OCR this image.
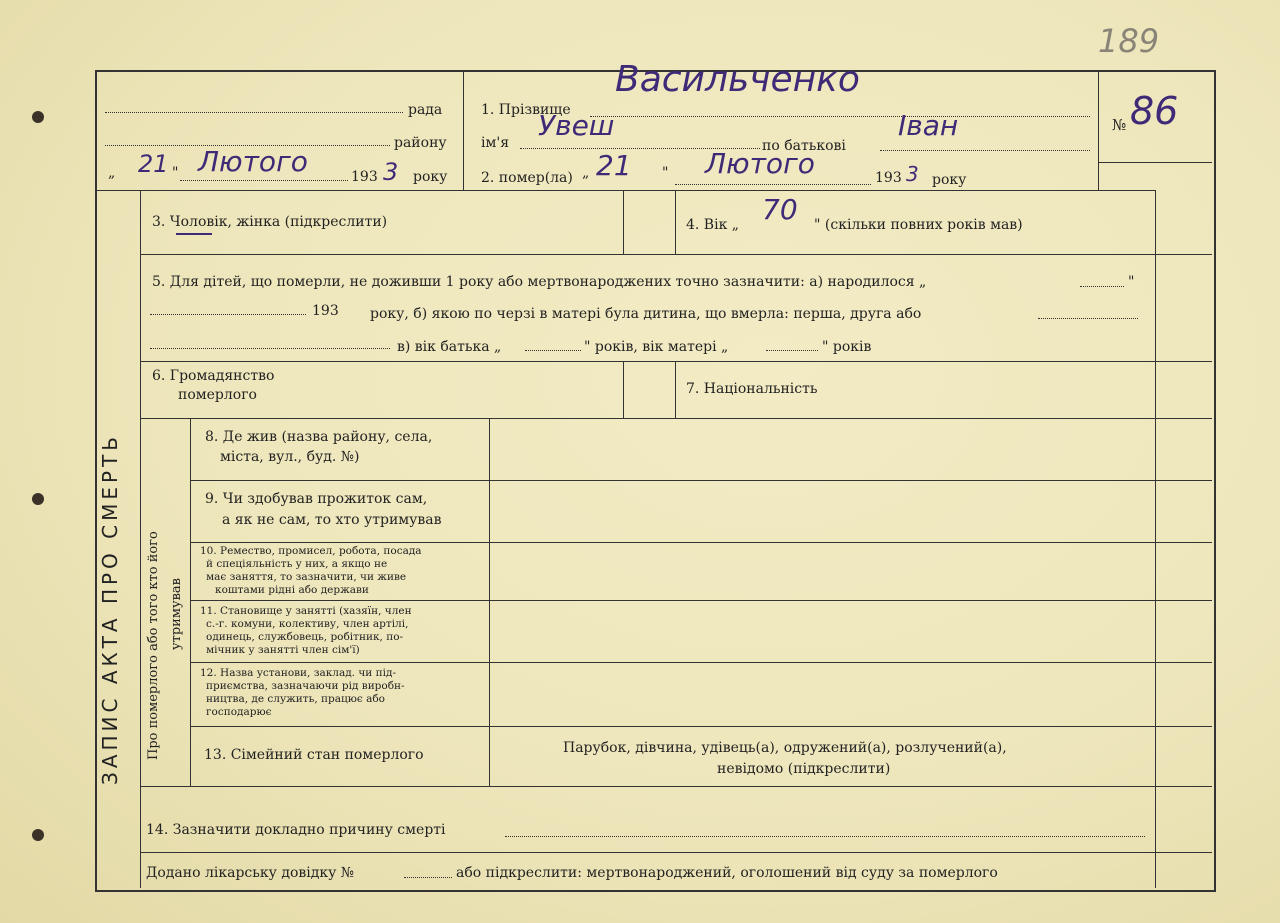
189
рада
району
„ 21 " Лютого	193 3 року
1. Прізвище
Васильченко
ім'я
Увеш
по батькові
Іван
2. помер(ла) „ 21 " Лютого	193 3 року
№ 86
ЗАПИС АКТА ПРО СМЕРТЬ Про померлого або того кто його утримував
3. Чоловік, жінка (підкреслити)	4. Вік „ 70 " (скільки повних років мав)
5. Для дітей, що померли, не доживши 1 року або мертвонароджених точно зазначити: а) народилося „	"
193 року, б) якою по черзі в матері була дитина, що вмерла: перша, друга або
в) вік батька „	" років, вік матері „	" років
6. Громадянство
померлого	7. Національність
8. Де жив (назва району, села,
міста, вул., буд. №)
9. Чи здобував прожиток сам,
а як не сам, то хто утримував
10. Ремество, промисел, робота, посада
й спеціяльність у них, а якщо не
має заняття, то зазначити, чи живе
коштами рідні або держави
11. Становище у занятті (хазяїн, член
с.-г. комуни, колективу, член артілі,
одинець, службовець, робітник, по-
мічник у занятті член сім'ї)
12. Назва установи, заклад. чи під-
приємства, зазначаючи рід виробн-
ництва, де служить, працює або
господарює
13. Сімейний стан померлого	Парубок, дівчина, удівець(а), одружений(а), розлучений(а),
невідомо (підкреслити)
14. Зазначити докладно причину смерті
Додано лікарську довідку №	або підкреслити: мертвонароджений, оголошений від суду за померлого
